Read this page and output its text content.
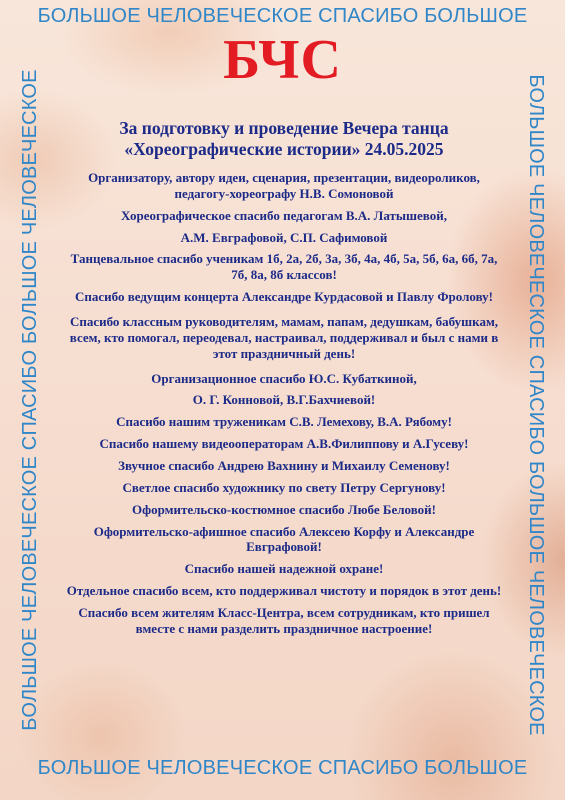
БОЛЬШОЕ ЧЕЛОВЕЧЕСКОЕ СПАСИБО БОЛЬШОЕ
БОЛЬШОЕ ЧЕЛОВЕЧЕСКОЕ СПАСИБО БОЛЬШОЕ ЧЕЛОВЕЧЕСКОЕ	БОЛЬШОЕ ЧЕЛОВЕЧЕСКОЕ СПАСИБО БОЛЬШОЕ ЧЕЛОВЕЧЕСКОЕ
БОЛЬШОЕ ЧЕЛОВЕЧЕСКОЕ СПАСИБО БОЛЬШОЕ
БЧС
За подготовку и проведение Вечера танца
«Хореографические истории» 24.05.2025

Организатору, автору идеи, сценария, презентации, видеороликов, педагогу-хореографу Н.В. Сомоновой

Хореографическое спасибо педагогам В.А. Латышевой,

А.М. Евграфовой, С.П. Сафимовой

Танцевальное спасибо ученикам 1б, 2а, 2б, 3а, 3б, 4а, 4б, 5а, 5б, 6а, 6б, 7а, 7б, 8а, 8б классов!

Спасибо ведущим концерта Александре Курдасовой и Павлу Фролову!

Спасибо классным руководителям, мамам, папам, дедушкам, бабушкам, всем, кто помогал, переодевал, настраивал, поддерживал и был с нами в этот праздничный день!

Организационное спасибо Ю.С. Кубаткиной,

О. Г. Конновой, В.Г.Бахчиевой!

Спасибо нашим труженикам С.В. Лемехову, В.А. Рябому!

Спасибо нашему видеооператорам А.В.Филиппову и А.Гусеву!

Звучное спасибо Андрею Вахнину и Михаилу Семенову!

Светлое спасибо художнику по свету Петру Сергунову!

Оформительско-костюмное спасибо Любе Беловой!

Оформительско-афишное спасибо Алексею Корфу и Александре Евграфовой!

Спасибо нашей надежной охране!

Отдельное спасибо всем, кто поддерживал чистоту и порядок в этот день!

Спасибо всем жителям Класс-Центра, всем сотрудникам, кто пришел вместе с нами разделить праздничное настроение!
